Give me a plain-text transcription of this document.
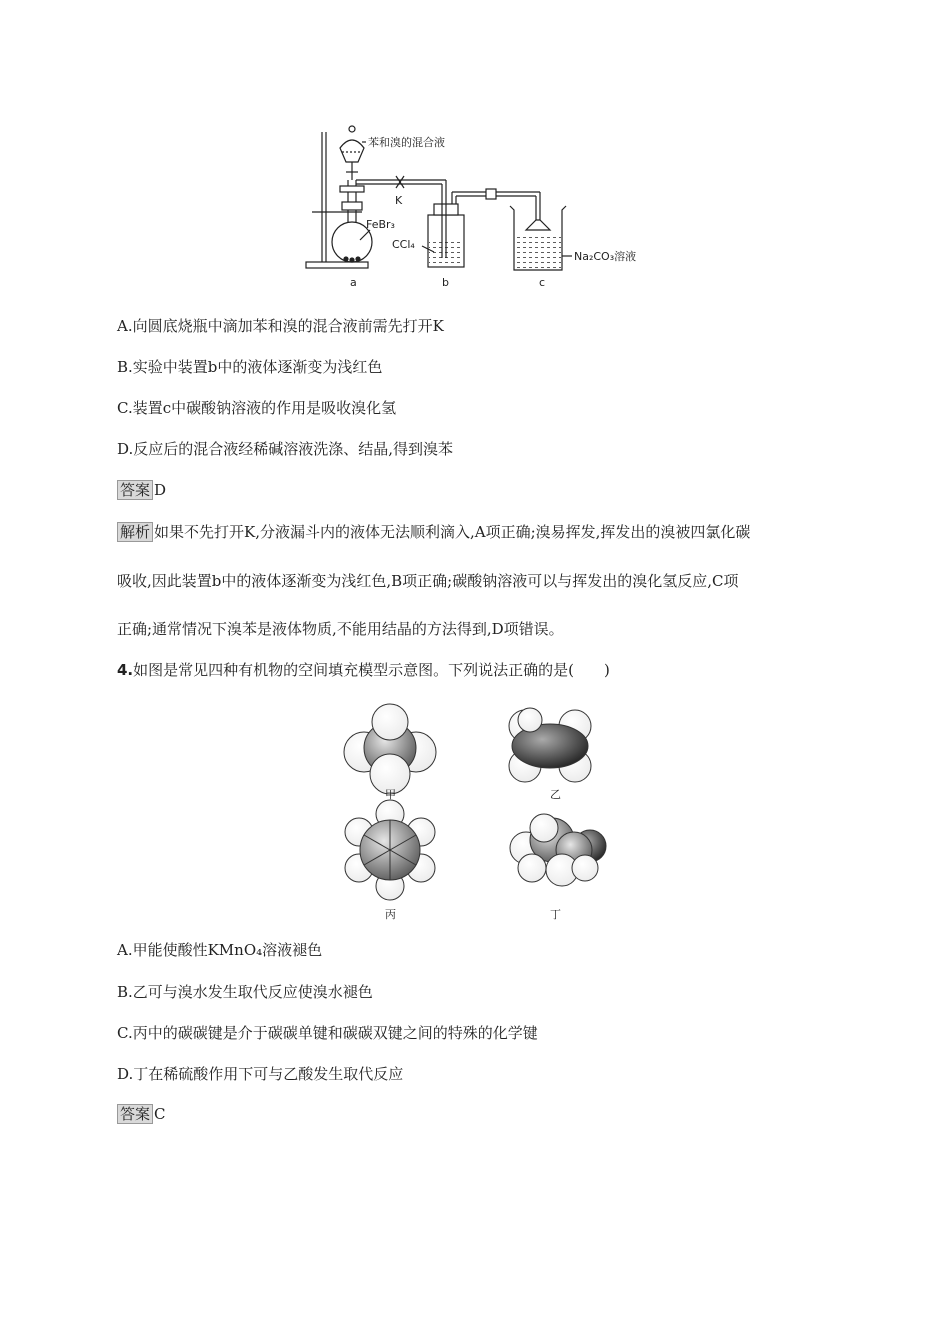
苯和溴的混合液
K
FeBr₃
CCl₄
Na₂CO₃溶液
a	b	c
A.向圆底烧瓶中滴加苯和溴的混合液前需先打开K
B.实验中装置b中的液体逐渐变为浅红色
C.装置c中碳酸钠溶液的作用是吸收溴化氢
D.反应后的混合液经稀碱溶液洗涤、结晶,得到溴苯
答案 D
解析 如果不先打开K,分液漏斗内的液体无法顺利滴入,A项正确;溴易挥发,挥发出的溴被四氯化碳
吸收,因此装置b中的液体逐渐变为浅红色,B项正确;碳酸钠溶液可以与挥发出的溴化氢反应,C项
正确;通常情况下溴苯是液体物质,不能用结晶的方法得到,D项错误。
4.如图是常见四种有机物的空间填充模型示意图。下列说法正确的是(　　)
甲	乙
丙	丁
A.甲能使酸性KMnO₄溶液褪色
B.乙可与溴水发生取代反应使溴水褪色
C.丙中的碳碳键是介于碳碳单键和碳碳双键之间的特殊的化学键
D.丁在稀硫酸作用下可与乙酸发生取代反应
答案 C
